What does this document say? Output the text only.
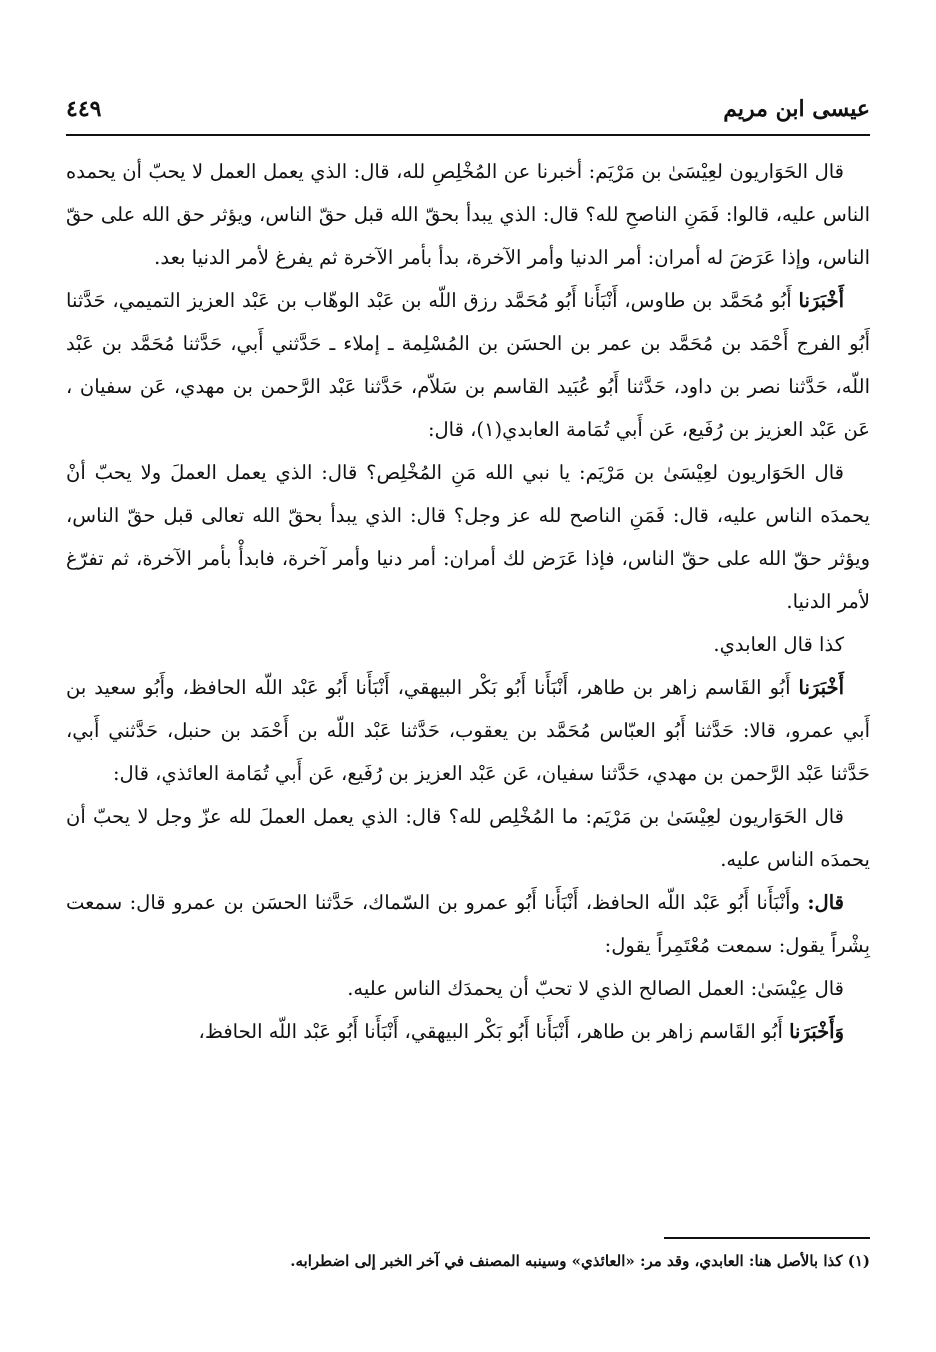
عيسى ابن مريم
٤٤٩

قال الحَوَاريون لعِيْسَىٰ بن مَرْيَم: أخبرنا عن المُخْلِصِ لله، قال: الذي يعمل العمل لا يحبّ أن يحمده الناس عليه، قالوا: فَمَنِ الناصحِ لله؟ قال: الذي يبدأ بحقّ الله قبل حقّ الناس، ويؤثر حق الله على حقّ الناس، وإذا عَرَضَ له أمران: أمر الدنيا وأمر الآخرة، بدأ بأمر الآخرة ثم يفرغ لأمر الدنيا بعد.

أَخْبَرَنا أَبُو مُحَمَّد بن طاوس، أَنْبَأَنا أَبُو مُحَمَّد رزق اللّه بن عَبْد الوهّاب بن عَبْد العزيز التميمي، حَدَّثنا أَبُو الفرج أَحْمَد بن مُحَمَّد بن عمر بن الحسَن بن المُسْلِمة ـ إملاء ـ حَدَّثني أَبي، حَدَّثنا مُحَمَّد بن عَبْد اللّه، حَدَّثنا نصر بن داود، حَدَّثنا أَبُو عُبَيد القاسم بن سَلاّم، حَدَّثنا عَبْد الرَّحمن بن مهدي، عَن سفيان ، عَن عَبْد العزيز بن رُفَيع، عَن أَبي تُمَامة العابدي(١)، قال:

قال الحَوَاريون لعِيْسَىٰ بن مَرْيَم: يا نبي الله مَنِ المُخْلِص؟ قال: الذي يعمل العملَ ولا يحبّ أنْ يحمدَه الناس عليه، قال: فَمَنِ الناصح لله عز وجل؟ قال: الذي يبدأ بحقّ الله تعالى قبل حقّ الناس، ويؤثر حقّ الله على حقّ الناس، فإذا عَرَض لك أمران: أمر دنيا وأمر آخرة، فابدأْ بأمر الآخرة، ثم تفرّغ لأمر الدنيا.

كذا قال العابدي.

أَخْبَرَنا أَبُو القَاسم زاهر بن طاهر، أَنْبَأَنا أَبُو بَكْر البيهقي، أَنْبَأَنا أَبُو عَبْد اللّه الحافظ، وأَبُو سعيد بن أَبي عمرو، قالا: حَدَّثنا أَبُو العبّاس مُحَمَّد بن يعقوب، حَدَّثنا عَبْد اللّه بن أَحْمَد بن حنبل، حَدَّثني أَبي، حَدَّثنا عَبْد الرَّحمن بن مهدي، حَدَّثنا سفيان، عَن عَبْد العزيز بن رُفَيع، عَن أَبي تُمَامة العائذي، قال:

قال الحَوَاريون لعِيْسَىٰ بن مَرْيَم: ما المُخْلِص لله؟ قال: الذي يعمل العملَ لله عزّ وجل لا يحبّ أن يحمدَه الناس عليه.

قال: وأَنْبَأَنا أَبُو عَبْد اللّه الحافظ، أَنْبَأَنا أَبُو عمرو بن السّماك، حَدَّثنا الحسَن بن عمرو قال: سمعت بِشْراً يقول: سمعت مُعْتَمِراً يقول:

قال عِيْسَىٰ: العمل الصالح الذي لا تحبّ أن يحمدَك الناس عليه.

وَأَخْبَرَنا أَبُو القَاسم زاهر بن طاهر، أَنْبَأَنا أَبُو بَكْر البيهقي، أَنْبَأَنا أَبُو عَبْد اللّه الحافظ،

(١) كذا بالأصل هنا: العابدي، وقد مر: «العائذي» وسينبه المصنف في آخر الخبر إلى اضطرابه.
